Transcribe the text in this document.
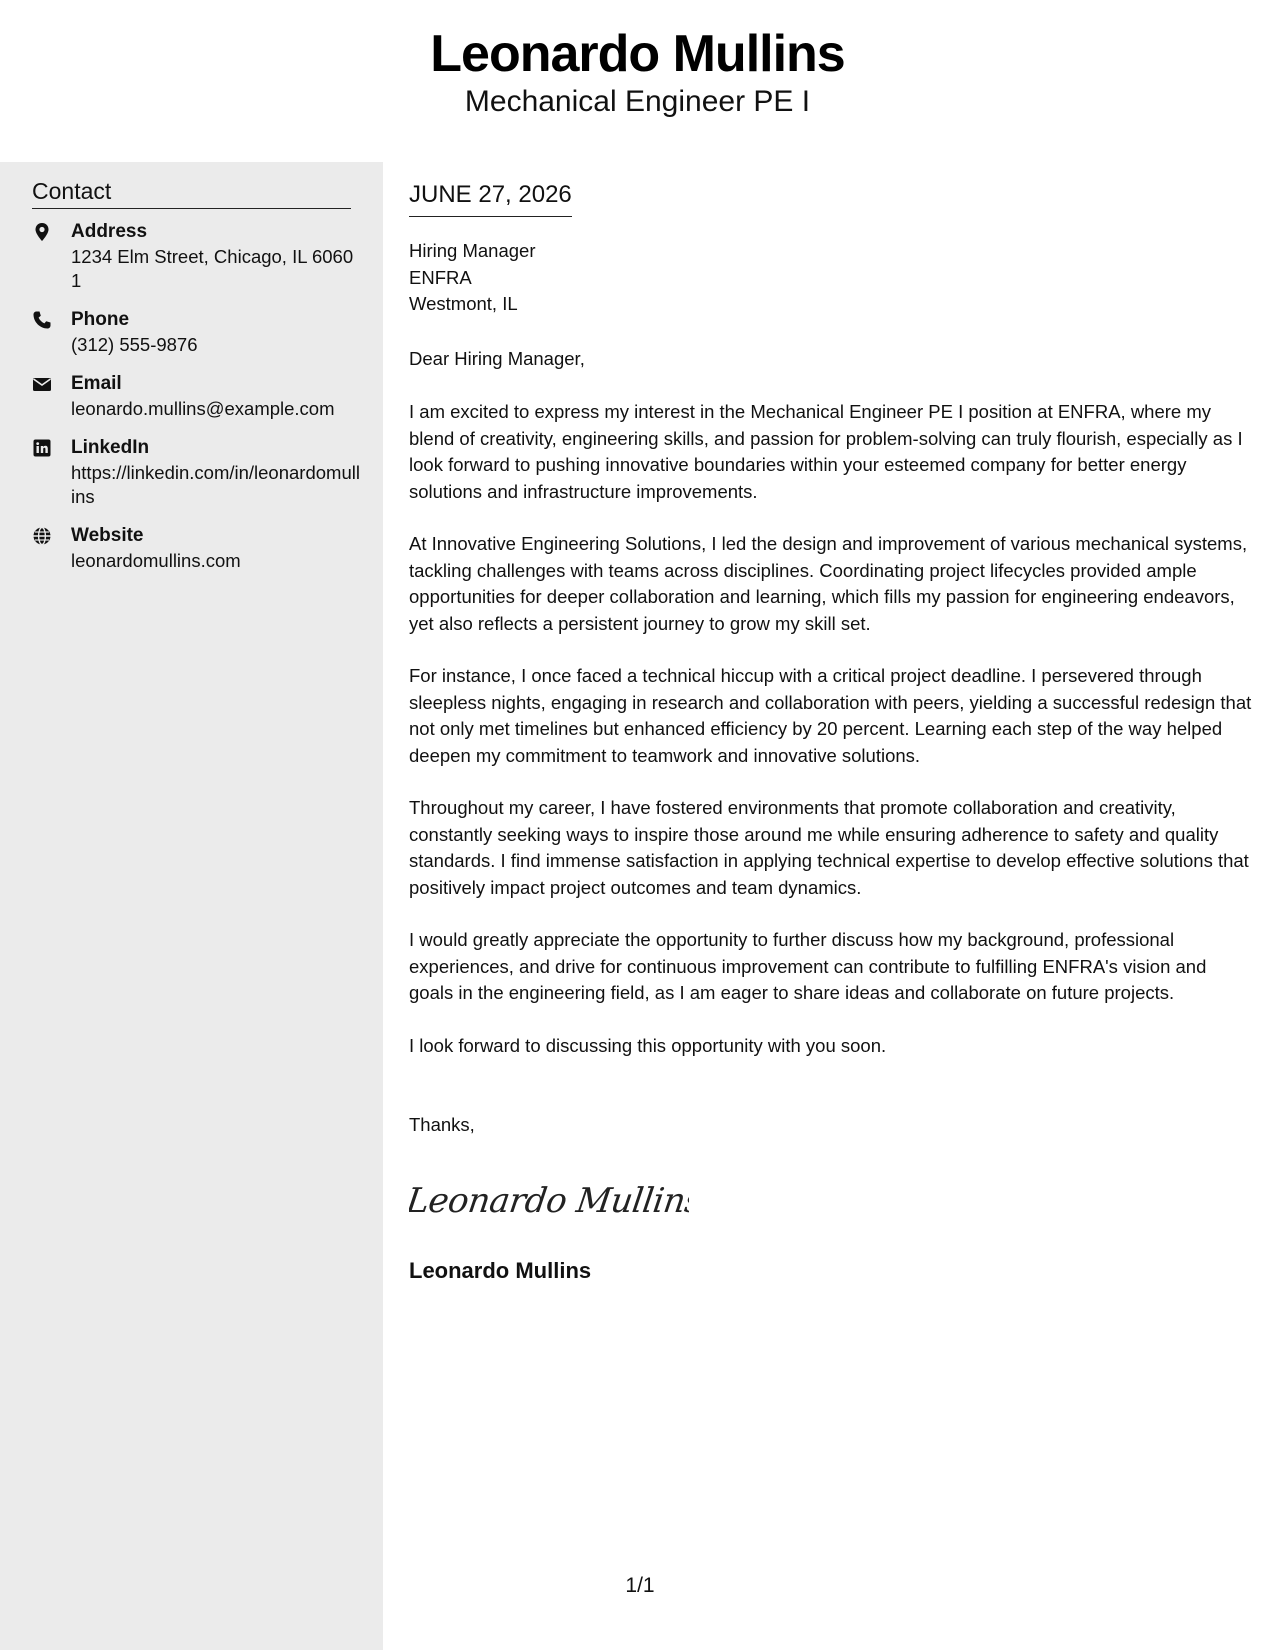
Leonardo Mullins
Mechanical Engineer PE I
Contact
Address
1234 Elm Street, Chicago, IL 60601
Phone
(312) 555-9876
Email
leonardo.mullins@example.com
LinkedIn
https://linkedin.com/in/leonardomullins
Website
leonardomullins.com
JUNE 27, 2026
Hiring Manager
ENFRA
Westmont, IL
Dear Hiring Manager,

I am excited to express my interest in the Mechanical Engineer PE I position at ENFRA, where my blend of creativity, engineering skills, and passion for problem-solving can truly flourish, especially as I look forward to pushing innovative boundaries within your esteemed company for better energy solutions and infrastructure improvements.

At Innovative Engineering Solutions, I led the design and improvement of various mechanical systems, tackling challenges with teams across disciplines. Coordinating project lifecycles provided ample opportunities for deeper collaboration and learning, which fills my passion for engineering endeavors, yet also reflects a persistent journey to grow my skill set.

For instance, I once faced a technical hiccup with a critical project deadline. I persevered through sleepless nights, engaging in research and collaboration with peers, yielding a successful redesign that not only met timelines but enhanced efficiency by 20 percent. Learning each step of the way helped deepen my commitment to teamwork and innovative solutions.

Throughout my career, I have fostered environments that promote collaboration and creativity, constantly seeking ways to inspire those around me while ensuring adherence to safety and quality standards. I find immense satisfaction in applying technical expertise to develop effective solutions that positively impact project outcomes and team dynamics.

I would greatly appreciate the opportunity to further discuss how my background, professional experiences, and drive for continuous improvement can contribute to fulfilling ENFRA's vision and goals in the engineering field, as I am eager to share ideas and collaborate on future projects.

I look forward to discussing this opportunity with you soon.

Thanks,
Leonardo Mullins
Leonardo Mullins
1/1
